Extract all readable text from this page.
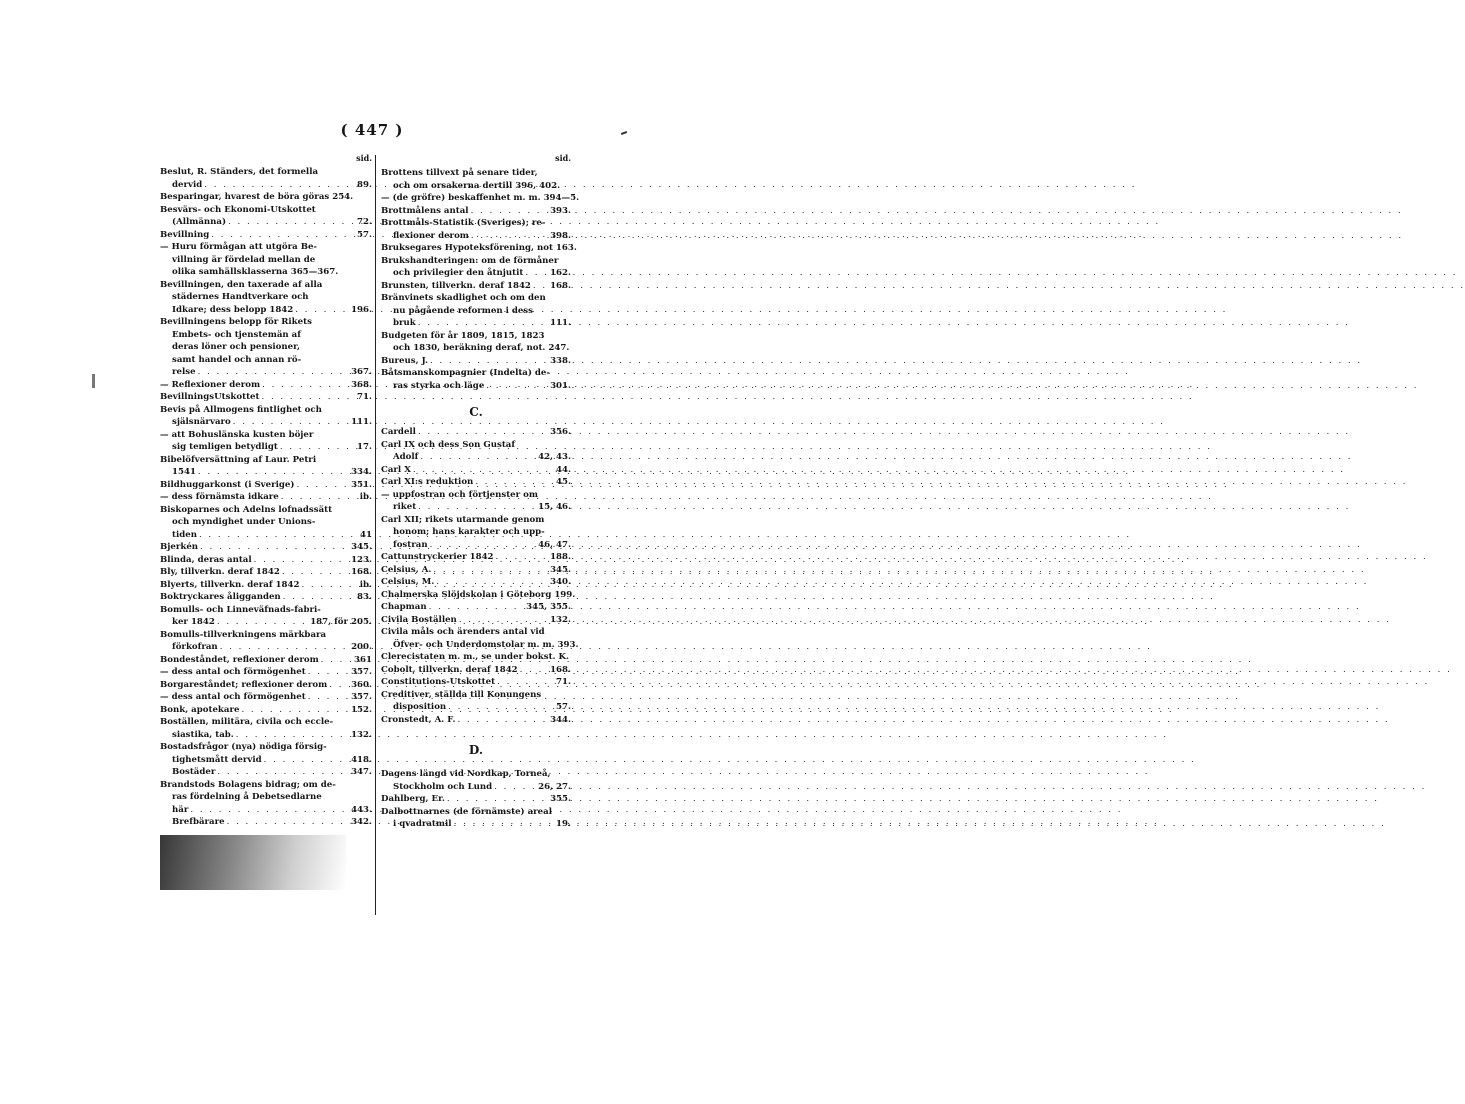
( 447 )
sid.
Beslut, R. Ständers, det formella
dervid . . .	89.
Besparingar, hvarest de böra göras 254.
Besvärs- och Ekonomi-Utskottet
(Allmänna) . . .	72.
Bevillning . . .	57.
— Huru förmågan att utgöra Be-
villning är fördelad mellan de
olika samhällsklasserna 365—367.
Bevillningen, den taxerade af alla
städernes Handtverkare och
Idkare; dess belopp 1842 . . .	196.
Bevillningens belopp för Rikets
Embets- och tjenstemän af
deras löner och pensioner,
samt handel och annan rö-
relse . . .	367.
— Reflexioner derom . . .	368.
BevillningsUtskottet . . .	71.
Bevis på Allmogens fintlighet och
själsnärvaro . . .	111.
— att Bohuslänska kusten böjer
sig temligen betydligt . . .	17.
Bibelöfversättning af Laur. Petri
1541 . . .	334.
Bildhuggarkonst (i Sverige) . . .	351.
— dess förnämsta idkare . . .	ib.
Biskoparnes och Adelns lofnadssätt
och myndighet under Unions-
tiden . . .	41
Bjerkén . . .	345.
Blinda, deras antal . . .	123.
Bly, tillverkn. deraf 1842 . . .	168.
Blyerts, tillverkn. deraf 1842 . . .	ib.
Boktryckares åligganden . . .	83.
Bomulls- och Linneväfnads-fabri-
ker 1842 . . .	187, för 205.
Bomulls-tillverkningens märkbara
förkofran . . .	200.
Bondeståndet, reflexioner derom . . .	361
— dess antal och förmögenhet . . .	357.
Borgareståndet; reflexioner derom . . .	360.
— dess antal och förmögenhet . . .	357.
Bonk, apotekare . . .	152.
Boställen, militära, civila och eccle-
siastika, tab. . . .	132.
Bostadsfrågor (nya) nödiga försig-
tighetsmått dervid . . .	418.
Bostäder . . .	347.
Brandstods Bolagens bidrag; om de-
ras fördelning å Debetsedlarne
här . . .	443.
Brefbärare . . .	342.
sid.
Brottens tillvext på senare tider,
och om orsakerna dertill 396, 402.
— (de gröfre) beskaffenhet m. m. 394—5.
Brottmålens antal . . .	393.
Brottmåls-Statistik (Sveriges); re-
flexioner derom . . .	398.
Bruksegares Hypoteksförening, not 163.
Brukshandteringen: om de förmåner
och privilegier den åtnjutit . . .	162.
Brunsten, tillverkn. deraf 1842 . . . 168.
Bränvinets skadlighet och om den
nu pågående reformen i dess
bruk . . .	111.
Budgeten för år 1809, 1815, 1823
och 1830, beräkning deraf, not. 247.
Bureus, J. . . .	338.
Båtsmanskompagnier (Indelta) de-
ras styrka och läge . . .	301.
C.
Cardell . . .	356.
Carl IX och dess Son Gustaf
Adolf . . .	42, 43.
Carl X . . .	44.
Carl XI:s reduktion . . .	45.
— uppfostran och förtjenster om
riket . . .	15, 46.
Carl XII; rikets utarmande genom
honom; hans karakter och upp-
fostran . . .	46, 47.
Cattunstryckerier 1842 . . .	188.
Celsius, A. . . .	345.
Celsius, M. . . .	340.
Chalmerska Slöjdskolan i Göteborg 199.
Chapman . . .	345, 355.
Civila Boställen . . .	132.
Civila måls och ärenders antal vid
Öfver- och Underdomstolar m. m. 393.
Clerecistaten m. m., se under bokst. K.
Cobolt, tillverkn. deraf 1842 . . .	168.
Constitutions-Utskottet . . .	71.
Creditiver, ställda till Konungens
disposition . . .	57.
Cronstedt, A. F. . . .	344.
D.
Dagens längd vid Nordkap, Torneå,
Stockholm och Lund . . .	26, 27.
Dahlberg, Er. . . .	355.
Dalbottnarnes (de förnämste) areal
i qvadratmil . . .	19.
